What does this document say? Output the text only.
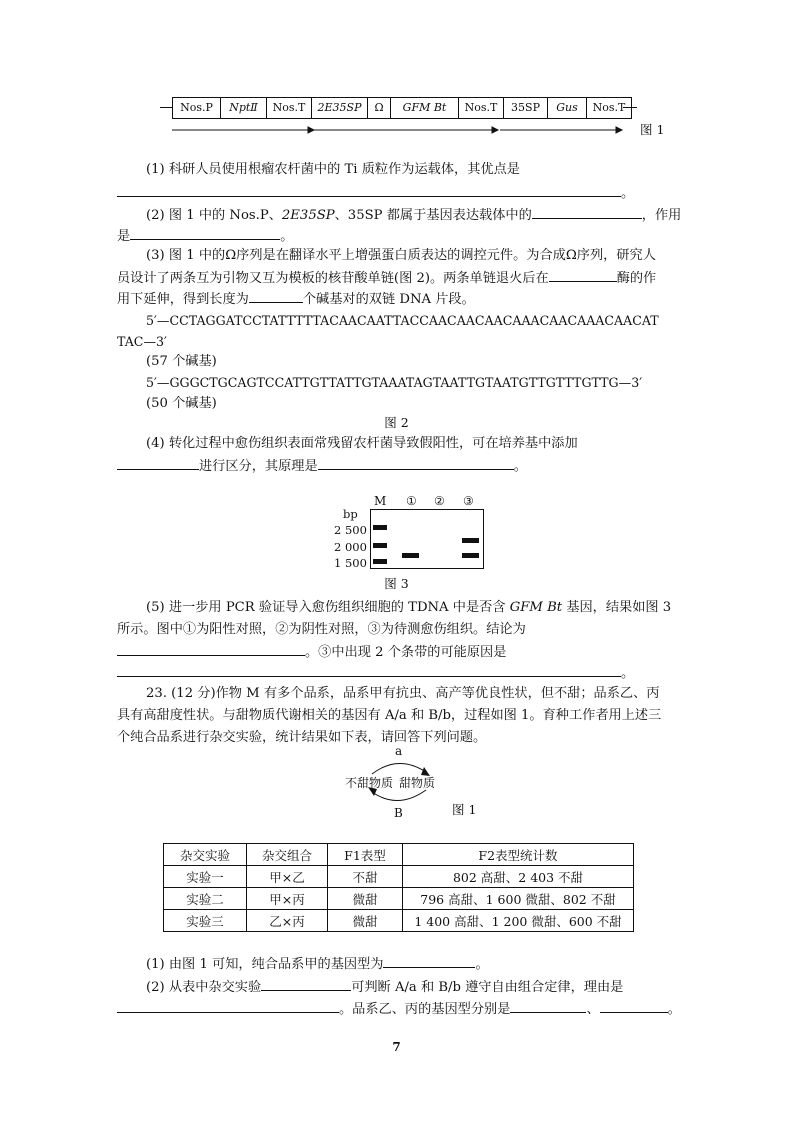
Nos.P	NptⅡ	Nos.T	2E35SP	Ω	GFM Bt	Nos.T	35SP	Gus	Nos.T
图 1
(1) 科研人员使用根瘤农杆菌中的 Ti 质粒作为运载体，其优点是
。
(2) 图 1 中的 Nos.P、2E35SP、35SP 都属于基因表达载体中的	，作用
是	。
(3) 图 1 中的Ω序列是在翻译水平上增强蛋白质表达的调控元件。为合成Ω序列，研究人
员设计了两条互为引物又互为模板的核苷酸单链(图 2)。两条单链退火后在	酶的作
用下延伸，得到长度为	个碱基对的双链 DNA 片段。
5′—CCTAGGATCCTATTTTTACAACAATTACCAACAACAACAAACAACAAACAACAT
TAC—3′
(57 个碱基)
5′—GGGCTGCAGTCCATTGTTATTGTAAATAGTAATTGTAATGTTGTTTGTTG—3′
(50 个碱基)
图 2
(4) 转化过程中愈伤组织表面常残留农杆菌导致假阳性，可在培养基中添加
进行区分，其原理是	。
M ① ② ③
bp
2 500
2 000
1 500
图 3
(5) 进一步用 PCR 验证导入愈伤组织细胞的 TDNA 中是否含 GFM Bt 基因，结果如图 3
所示。图中①为阳性对照，②为阴性对照，③为待测愈伤组织。结论为
。③中出现 2 个条带的可能原因是
。
23. (12 分)作物 M 有多个品系，品系甲有抗虫、高产等优良性状，但不甜；品系乙、丙
具有高甜度性状。与甜物质代谢相关的基因有 A/a 和 B/b，过程如图 1。育种工作者用上述三
个纯合品系进行杂交实验，统计结果如下表，请回答下列问题。
a
不甜物质 甜物质
B	图 1
杂交实验	杂交组合	F1表型	F2表型统计数
实验一	甲×乙	不甜	802 高甜、2 403 不甜
实验二	甲×丙	微甜	796 高甜、1 600 微甜、802 不甜
实验三	乙×丙	微甜	1 400 高甜、1 200 微甜、600 不甜
(1) 由图 1 可知，纯合品系甲的基因型为	。
(2) 从表中杂交实验	可判断 A/a 和 B/b 遵守自由组合定律，理由是
。品系乙、丙的基因型分别是	、	。
7
